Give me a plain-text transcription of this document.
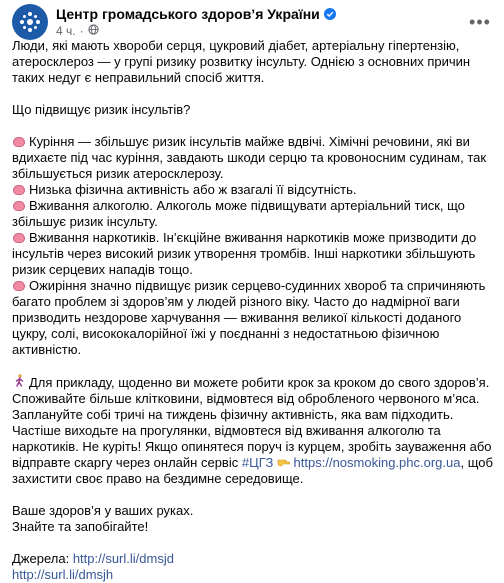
Центр громадського здоров’я України
4 ч. ·	•••

Люди, які мають хвороби серця, цукровий діабет, артеріальну гіпертензію, атеросклероз — у групі ризику розвитку інсульту. Однією з основних причин таких недуг є неправильний спосіб життя.

Що підвищує ризик інсультів?

Куріння — збільшує ризик інсультів майже вдвічі. Хімічні речовини, які ви вдихаєте під час куріння, завдають шкоди серцю та кровоносним судинам, так збільшується ризик атеросклерозу.

Низька фізична активність або ж взагалі її відсутність.

Вживання алкоголю. Алкоголь може підвищувати артеріальний тиск, що збільшує ризик інсульту.

Вживання наркотиків. Ін’єкційне вживання наркотиків може призводити до інсультів через високий ризик утворення тромбів. Інші наркотики збільшують ризик серцевих нападів тощо.

Ожиріння значно підвищує ризик серцево-судинних хвороб та спричиняють багато проблем зі здоров’ям у людей різного віку. Часто до надмірної ваги призводить нездорове харчування — вживання великої кількості доданого цукру, солі, висококалорійної їжі у поєднанні з недостатньою фізичною активністю.

Для прикладу, щоденно ви можете робити крок за кроком до свого здоров’я. Споживайте більше клітковини, відмовтеся від обробленого червоного м’яса. Заплануйте собі тричі на тиждень фізичну активність, яка вам підходить. Частіше виходьте на прогулянки, відмовтеся від вживання алкоголю та наркотиків. Не куріть! Якщо опинятеся поруч із курцем, зробіть зауваження або відправте скаргу через онлайн сервіс #ЦГЗ https://nosmoking.phc.org.ua, щоб захистити своє право на бездимне середовище.

Ваше здоров’я у ваших руках.

Знайте та запобігайте!

Джерела: http://surl.li/dmsjd

http://surl.li/dmsjh
